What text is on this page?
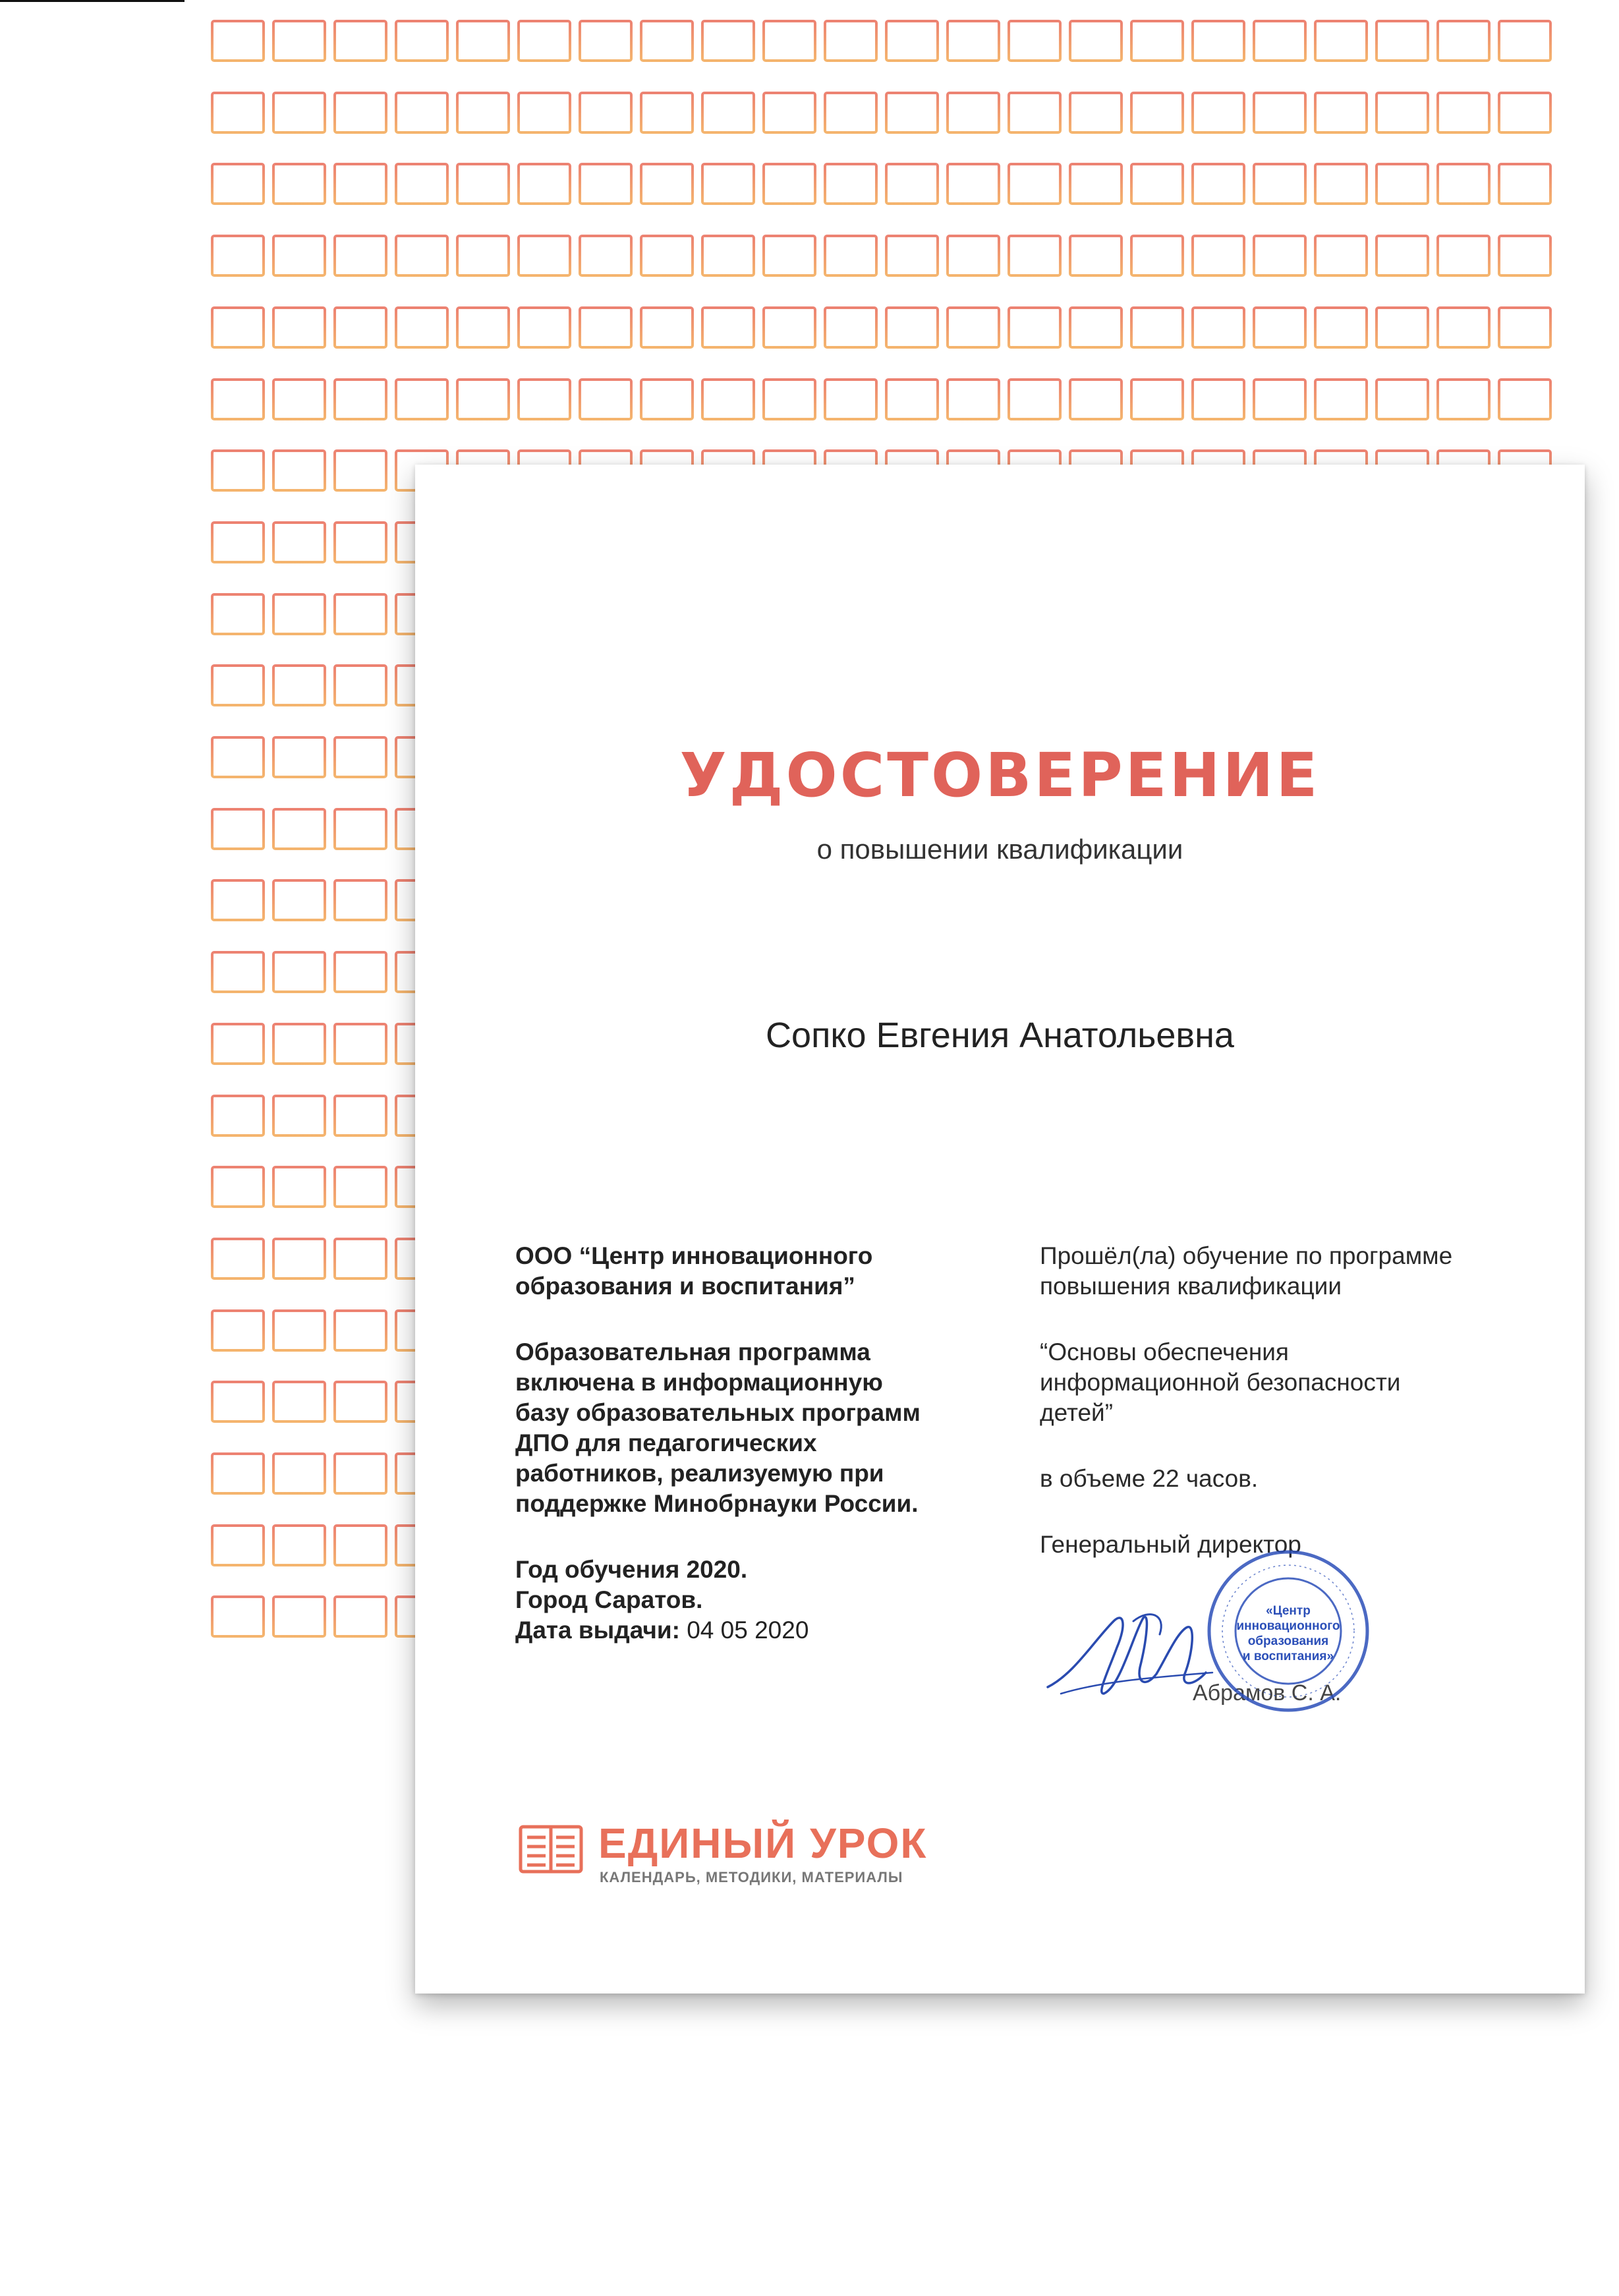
УДОСТОВЕРЕНИЕ
о повышении квалификации
Сопко Евгения Анатольевна

ООО “Центр инновационного
образования и воспитания”

Образовательная программа
включена в информационную
базу образовательных программ
ДПО для педагогических
работников, реализуемую при
поддержке Минобрнауки России.

Год обучения 2020.
Город Саратов.
Дата выдачи: 04 05 2020

Прошёл(ла) обучение по программе
повышения квалификации

“Основы обеспечения
информационной безопасности
детей”

в объеме 22 часов.

Генеральный директор

Абрамов С. А.
«Центр
инновационного
образования
и воспитания»
ЕДИНЫЙ УРОК
КАЛЕНДАРЬ, МЕТОДИКИ, МАТЕРИАЛЫ
